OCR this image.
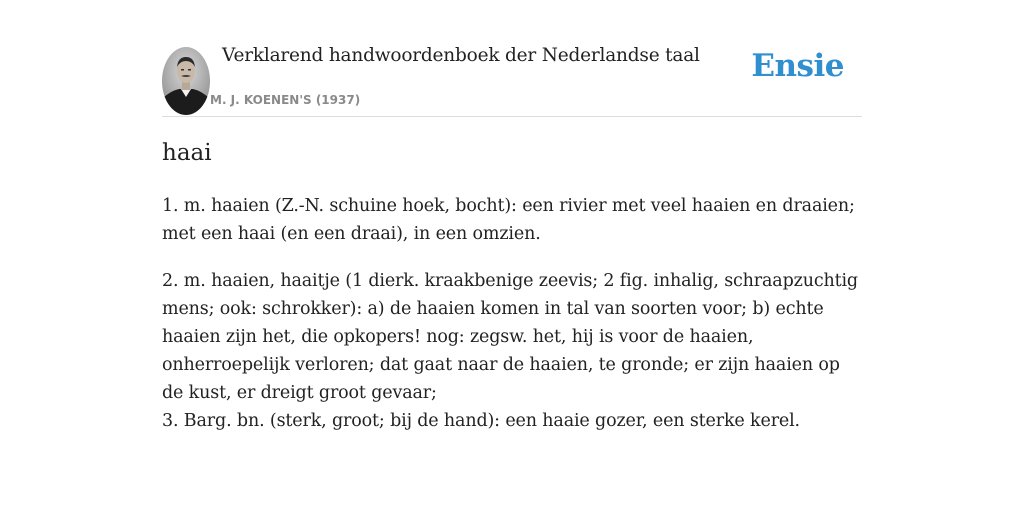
Verklarend handwoordenboek der Nederlandse taal
M. J. KOENEN'S (1937)
Ensie
haai

1. m. haaien (Z.-N. schuine hoek, bocht): een rivier met veel haaien en draaien; met een haai (en een draai), in een omzien.

2. m. haaien, haaitje (1 dierk. kraakbenige zeevis; 2 fig. inhalig, schraapzuchtig mens; ook: schrokker): a) de haaien komen in tal van soorten voor; b) echte haaien zijn het, die opkopers! nog: zegsw. het, hij is voor de haaien, onherroepelijk verloren; dat gaat naar de haaien, te gronde; er zijn haaien op de kust, er dreigt groot gevaar;

3. Barg. bn. (sterk, groot; bij de hand): een haaie gozer, een sterke kerel.
